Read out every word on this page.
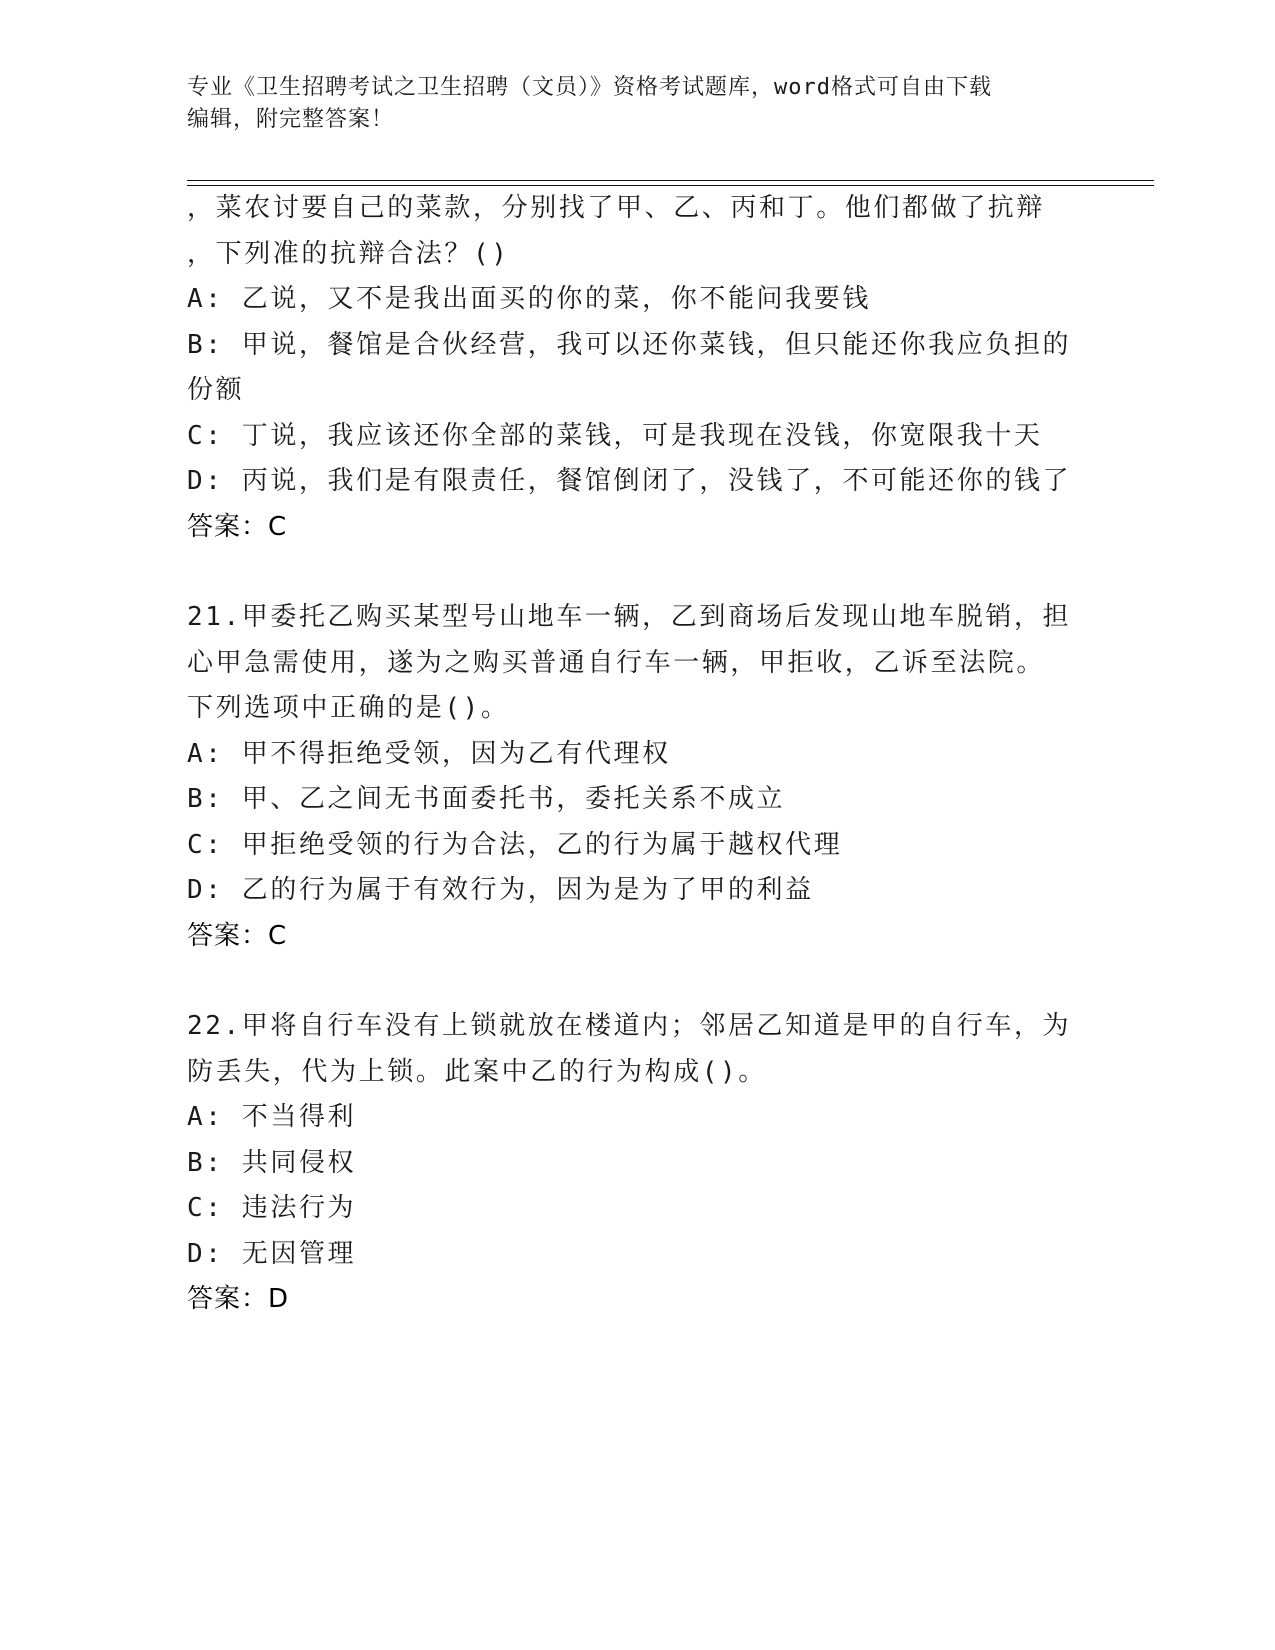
专业《卫生招聘考试之卫生招聘（文员）》资格考试题库，word格式可自由下载
编辑，附完整答案！
，菜农讨要自己的菜款，分别找了甲、乙、丙和丁。他们都做了抗辩
，下列准的抗辩合法？()
A: 乙说，又不是我出面买的你的菜，你不能问我要钱
B: 甲说，餐馆是合伙经营，我可以还你菜钱，但只能还你我应负担的
份额
C: 丁说，我应该还你全部的菜钱，可是我现在没钱，你宽限我十天
D: 丙说，我们是有限责任，餐馆倒闭了，没钱了，不可能还你的钱了
答案：C
21.甲委托乙购买某型号山地车一辆，乙到商场后发现山地车脱销，担
心甲急需使用，遂为之购买普通自行车一辆，甲拒收，乙诉至法院。
下列选项中正确的是()。
A: 甲不得拒绝受领，因为乙有代理权
B: 甲、乙之间无书面委托书，委托关系不成立
C: 甲拒绝受领的行为合法，乙的行为属于越权代理
D: 乙的行为属于有效行为，因为是为了甲的利益
答案：C
22.甲将自行车没有上锁就放在楼道内；邻居乙知道是甲的自行车，为
防丢失，代为上锁。此案中乙的行为构成()。
A: 不当得利
B: 共同侵权
C: 违法行为
D: 无因管理
答案：D
